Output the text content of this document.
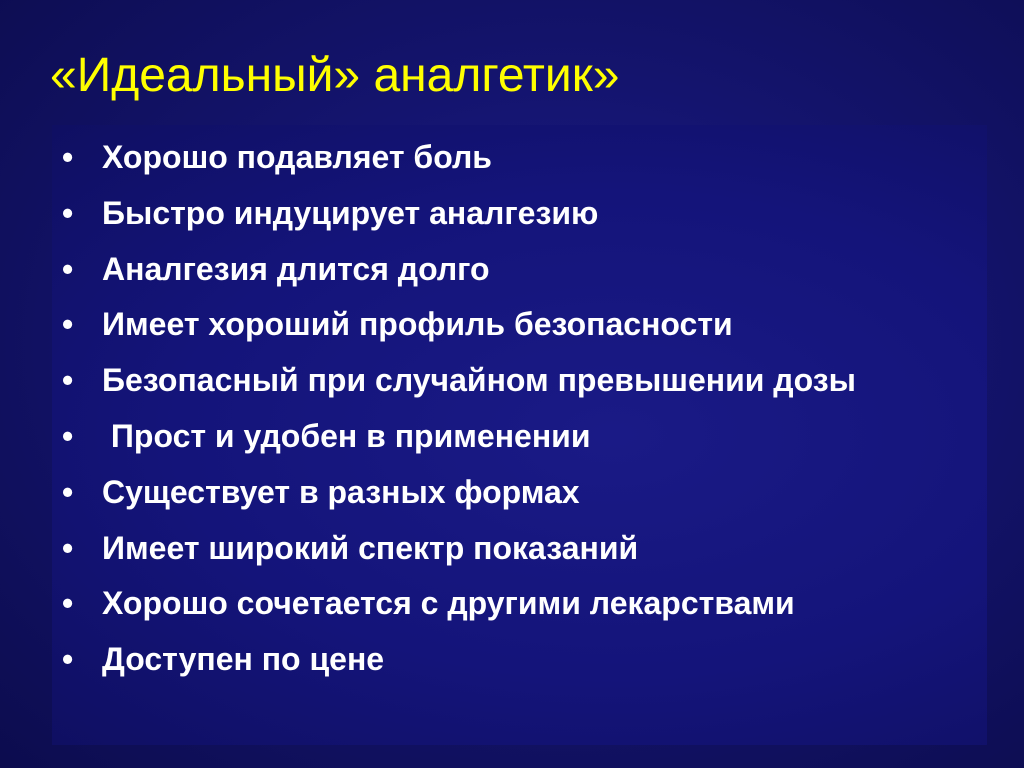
«Идеальный» аналгетик»
• Хорошо подавляет боль
• Быстро индуцирует аналгезию
• Аналгезия длится долго
• Имеет хороший профиль безопасности
• Безопасный при случайном превышении дозы
• Прост и удобен в применении
• Существует в разных формах
• Имеет широкий спектр показаний
• Хорошо сочетается с другими лекарствами
• Доступен по цене
